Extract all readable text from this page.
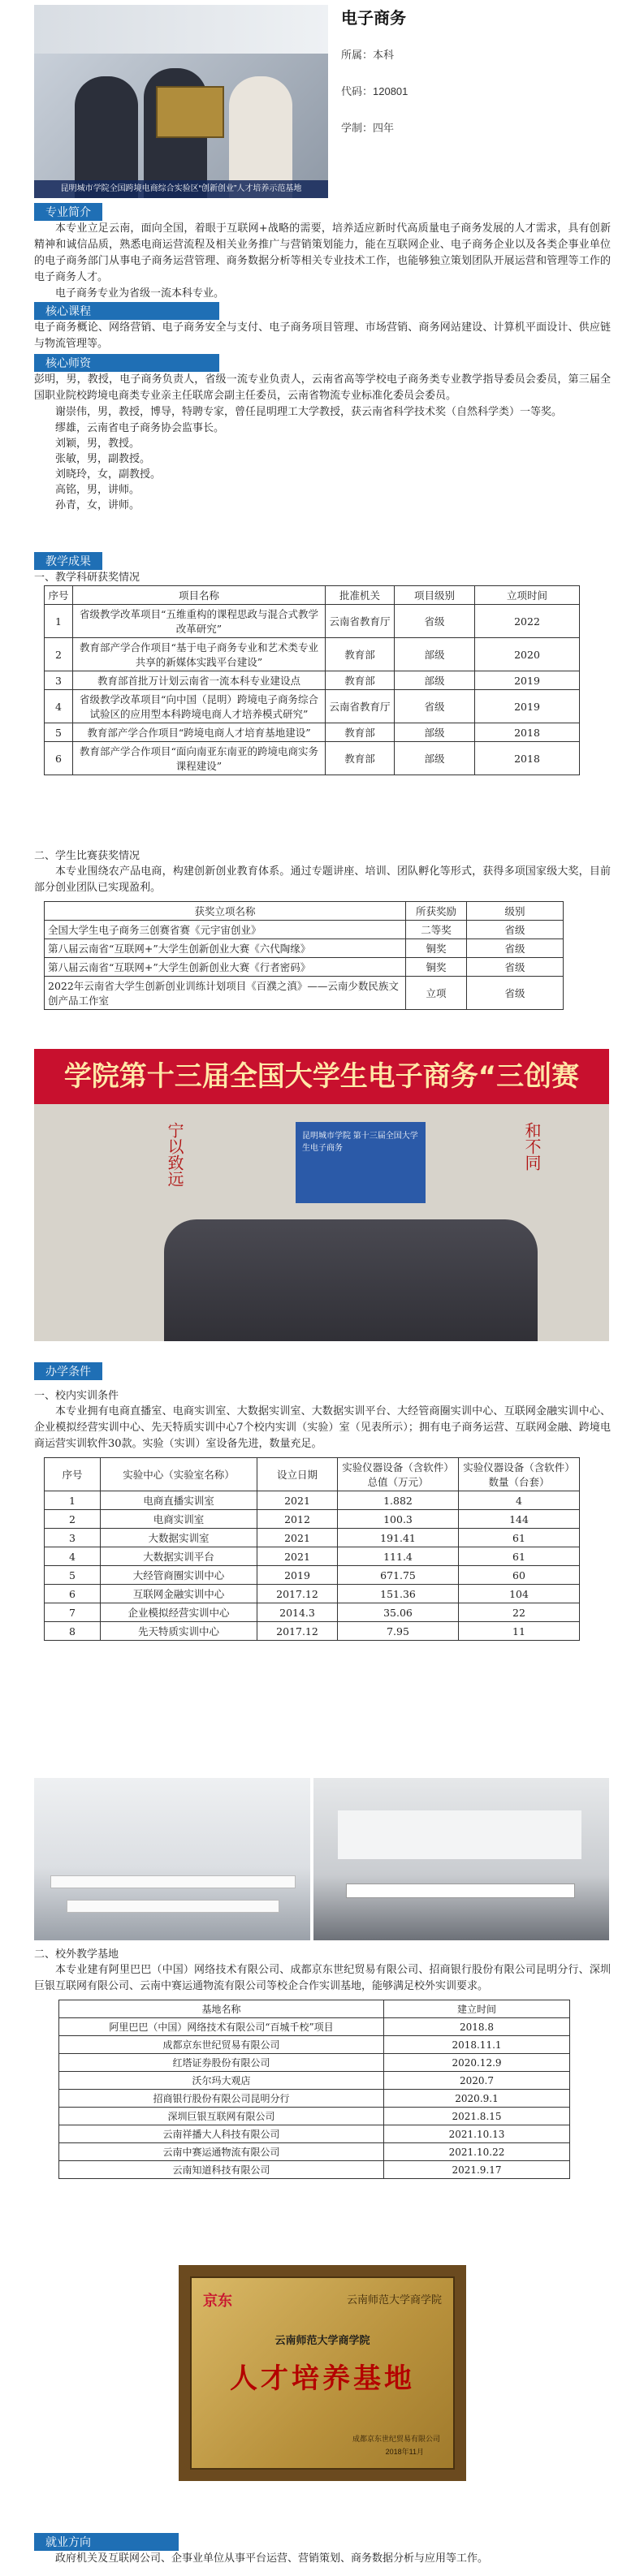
昆明城市学院全国跨境电商综合实验区“创新创业”人才培养示范基地
电子商务
所属：本科
代码：120801
学制：四年
专业简介

本专业立足云南，面向全国，着眼于互联网+战略的需要，培养适应新时代高质量电子商务发展的人才需求，具有创新精神和诚信品质，熟悉电商运营流程及相关业务推广与营销策划能力，能在互联网企业、电子商务企业以及各类企事业单位的电子商务部门从事电子商务运营管理、商务数据分析等相关专业技术工作，也能够独立策划团队开展运营和管理等工作的电子商务人才。

电子商务专业为省级一流本科专业。

核心课程

电子商务概论、网络营销、电子商务安全与支付、电子商务项目管理、市场营销、商务网站建设、计算机平面设计、供应链与物流管理等。

核心师资

彭明，男，教授，电子商务负责人，省级一流专业负责人，云南省高等学校电子商务类专业教学指导委员会委员，第三届全国职业院校跨境电商类专业亲主任联席会副主任委员，云南省物流专业标准化委员会委员。

谢崇伟，男，教授，博导，特聘专家，曾任昆明理工大学教授，获云南省科学技术奖（自然科学类）一等奖。

缪雄，云南省电子商务协会监事长。

刘颖，男，教授。

张敏，男，副教授。

刘晓玲，女，副教授。

高铭，男，讲师。

孙青，女，讲师。

教学成果

一、教学科研获奖情况

序号	项目名称	批准机关	项目级别	立项时间
1	省级教学改革项目“五维重构的课程思政与混合式教学改革研究”	云南省教育厅	省级	2022
2	教育部产学合作项目“基于电子商务专业和艺术类专业共享的新媒体实践平台建设”	教育部	部级	2020
3	教育部首批万计划云南省一流本科专业建设点	教育部	部级	2019
4	省级教学改革项目“向中国（昆明）跨境电子商务综合试验区的应用型本科跨境电商人才培养模式研究”	云南省教育厅	省级	2019
5	教育部产学合作项目“跨境电商人才培育基地建设”	教育部	部级	2018
6	教育部产学合作项目“面向南亚东南亚的跨境电商实务课程建设”	教育部	部级	2018

二、学生比赛获奖情况

本专业围绕农产品电商，构建创新创业教育体系。通过专题讲座、培训、团队孵化等形式，获得多项国家级大奖，目前部分创业团队已实现盈利。

获奖立项名称	所获奖励	级别
全国大学生电子商务三创赛省赛《元宇宙创业》	二等奖	省级
第八届云南省“互联网+”大学生创新创业大赛《六代陶缘》	铜奖	省级
第八届云南省“互联网+”大学生创新创业大赛《行者密码》	铜奖	省级
2022年云南省大学生创新创业训练计划项目《百濮之滇》——云南少数民族文创产品工作室	立项	省级
学院第十三届全国大学生电子商务“三创赛
昆明城市学院 第十三届全国大学生电子商务
宁以致远	和不同
办学条件

一、校内实训条件

本专业拥有电商直播室、电商实训室、大数据实训室、大数据实训平台、大经管商圈实训中心、互联网金融实训中心、企业模拟经营实训中心、先天特质实训中心7个校内实训（实验）室（见表所示）；拥有电子商务运营、互联网金融、跨境电商运营实训软件30款。实验（实训）室设备先进，数量充足。

序号	实验中心（实验室名称）	设立日期	实验仪器设备（含软件）总值（万元）	实验仪器设备（含软件）数量（台套）
1	电商直播实训室	2021	1.882	4
2	电商实训室	2012	100.3	144
3	大数据实训室	2021	191.41	61
4	大数据实训平台	2021	111.4	61
5	大经管商圈实训中心	2019	671.75	60
6	互联网金融实训中心	2017.12	151.36	104
7	企业模拟经营实训中心	2014.3	35.06	22
8	先天特质实训中心	2017.12	7.95	11

二、校外教学基地

本专业建有阿里巴巴（中国）网络技术有限公司、成都京东世纪贸易有限公司、招商银行股份有限公司昆明分行、深圳巨银互联网有限公司、云南中赛运通物流有限公司等校企合作实训基地，能够满足校外实训要求。

基地名称	建立时间
阿里巴巴（中国）网络技术有限公司“百城千校”项目	2018.8
成都京东世纪贸易有限公司	2018.11.1
红塔证券股份有限公司	2020.12.9
沃尔玛大观店	2020.7
招商银行股份有限公司昆明分行	2020.9.1
深圳巨银互联网有限公司	2021.8.15
云南祥播大人科技有限公司	2021.10.13
云南中赛运通物流有限公司	2021.10.22
云南知道科技有限公司	2021.9.17
京东	云南师范大学商学院
云南师范大学商学院
人才培养基地
成都京东世纪贸易有限公司
2018年11月
就业方向

政府机关及互联网公司、企事业单位从事平台运营、营销策划、商务数据分析与应用等工作。
